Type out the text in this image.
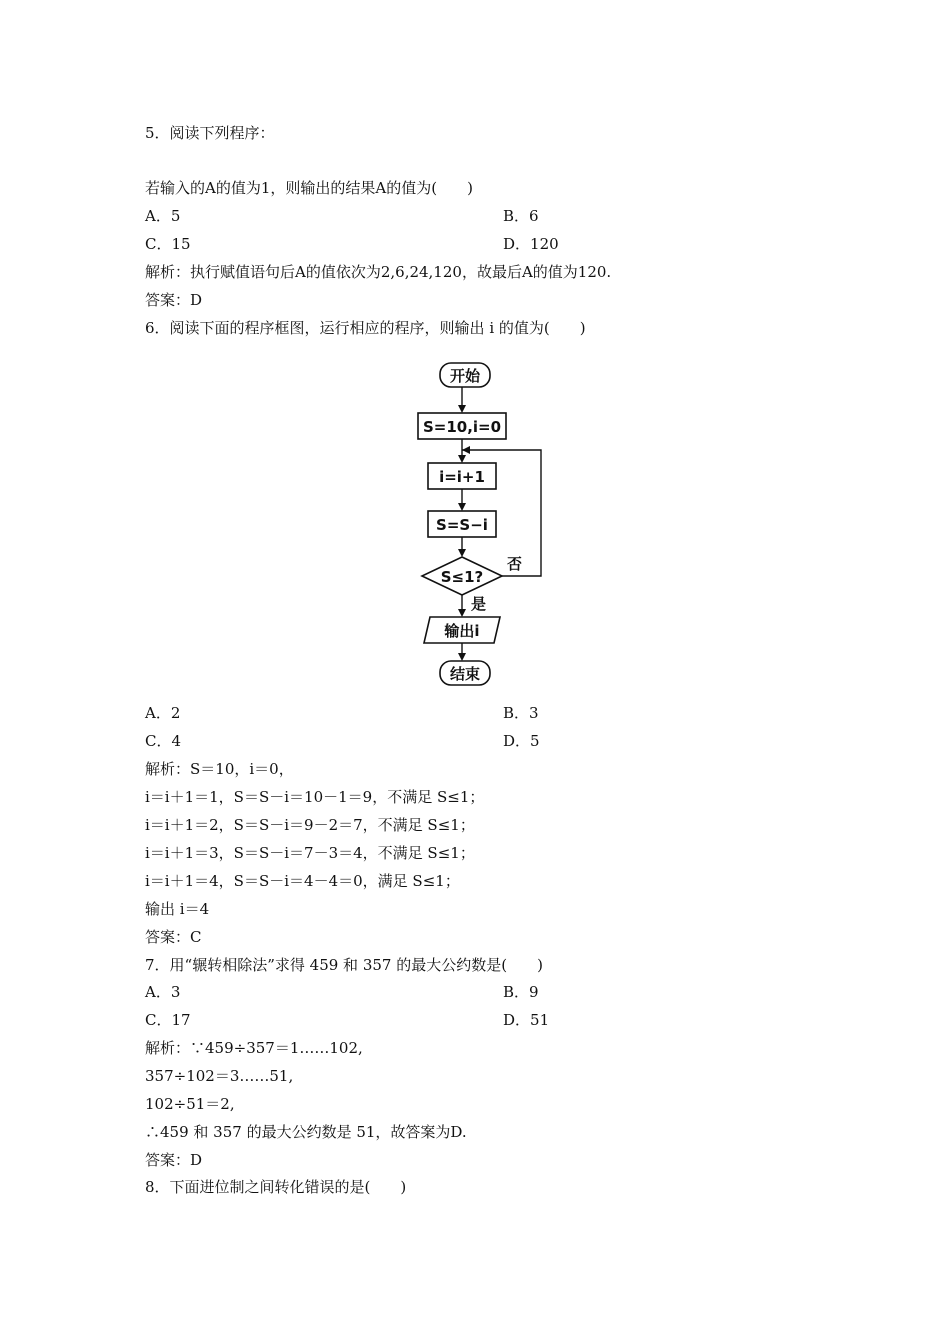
5．阅读下列程序：
若输入的A的值为1，则输出的结果A的值为(　　)
A．5	B．6
C．15	D．120
解析：执行赋值语句后A的值依次为2,6,24,120，故最后A的值为120.
答案：D
6．阅读下面的程序框图，运行相应的程序，则输出 i 的值为(　　)
开始
S=10,i=0
i=i+1
S=S−i
S≤1?
否
是
输出i
结束
A．2	B．3
C．4	D．5
解析：S＝10，i＝0，
i＝i＋1＝1，S＝S－i＝10－1＝9，不满足 S≤1；
i＝i＋1＝2，S＝S－i＝9－2＝7，不满足 S≤1；
i＝i＋1＝3，S＝S－i＝7－3＝4，不满足 S≤1；
i＝i＋1＝4，S＝S－i＝4－4＝0，满足 S≤1；
输出 i＝4
答案：C
7．用“辗转相除法”求得 459 和 357 的最大公约数是(　　)
A．3	B．9
C．17	D．51
解析：∵459÷357＝1……102,
357÷102＝3……51,
102÷51＝2,
∴459 和 357 的最大公约数是 51，故答案为D.
答案：D
8．下面进位制之间转化错误的是(　　)
